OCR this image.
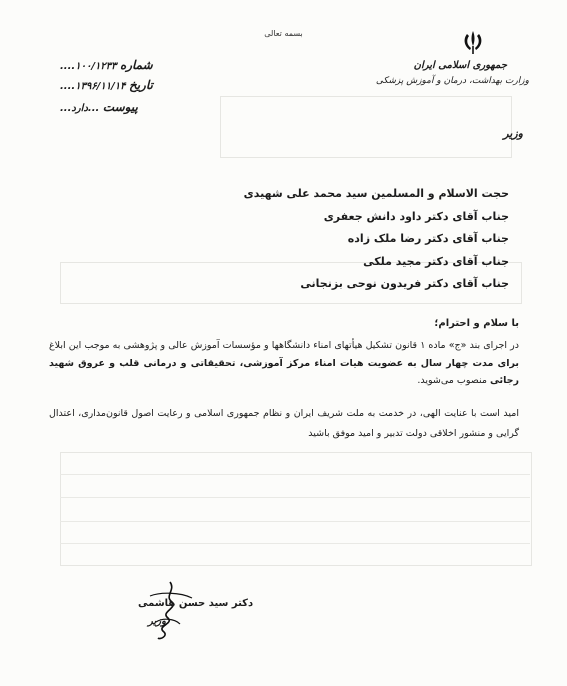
بسمه تعالی
جمهوری اسلامی ایران
وزارت بهداشت، درمان و آموزش پزشکی
وزیر
شماره ۱۰۰/۱۲۳۳....
تاریخ ۱۳۹۶/۱۱/۱۴....
پیوست ...دارد...
حجت الاسلام و المسلمین سید محمد علی شهیدی
جناب آقای دکتر داود دانش جعفری
جناب آقای دکتر رضا ملک زاده
جناب آقای دکتر مجید ملکی
جناب آقای دکتر فریدون نوحی بزنجانی
با سلام و احترام؛
در اجرای بند «ج» ماده ۱ قانون تشکیل هیأتهای امناء دانشگاهها و مؤسسات آموزش عالی و پژوهشی به موجب این ابلاغ برای مدت چهار سال به عضویت هیات امناء مرکز آموزشی، تحقیقاتی و درمانی قلب و عروق شهید رجائی منصوب می‌شوید.
امید است با عنایت الهی، در خدمت به ملت شریف ایران و نظام جمهوری اسلامی و رعایت اصول قانون‌مداری، اعتدال گرایی و منشور اخلاقی دولت تدبیر و امید موفق باشید
دکتر سید حسن هاشمی
وزیر
